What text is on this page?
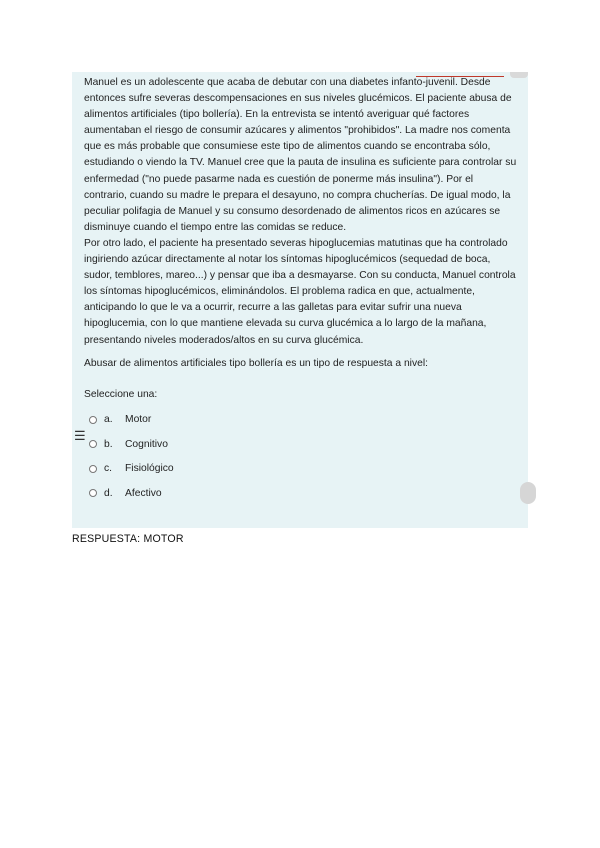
Manuel es un adolescente que acaba de debutar con una diabetes infanto-juvenil. Desde entonces sufre severas descompensaciones en sus niveles glucémicos. El paciente abusa de alimentos artificiales (tipo bollería). En la entrevista se intentó averiguar qué factores aumentaban el riesgo de consumir azúcares y alimentos "prohibidos". La madre nos comenta que es más probable que consumiese este tipo de alimentos cuando se encontraba sólo, estudiando o viendo la TV. Manuel cree que la pauta de insulina es suficiente para controlar su enfermedad ("no puede pasarme nada es cuestión de ponerme más insulina"). Por el contrario, cuando su madre le prepara el desayuno, no compra chucherías. De igual modo, la peculiar polifagia de Manuel y su consumo desordenado de alimentos ricos en azúcares se disminuye cuando el tiempo entre las comidas se reduce.

Por otro lado, el paciente ha presentado severas hipoglucemias matutinas que ha controlado ingiriendo azúcar directamente al notar los síntomas hipoglucémicos (sequedad de boca, sudor, temblores, mareo...) y pensar que iba a desmayarse. Con su conducta, Manuel controla los síntomas hipoglucémicos, eliminándolos. El problema radica en que, actualmente, anticipando lo que le va a ocurrir, recurre a las galletas para evitar sufrir una nueva hipoglucemia, con lo que mantiene elevada su curva glucémica a lo largo de la mañana, presentando niveles moderados/altos en su curva glucémica.

Abusar de alimentos artificiales tipo bollería es un tipo de respuesta a nivel:

Seleccione una:
a.	Motor
b.	Cognitivo
c.	Fisiológico
d.	Afectivo
☰
RESPUESTA: MOTOR
